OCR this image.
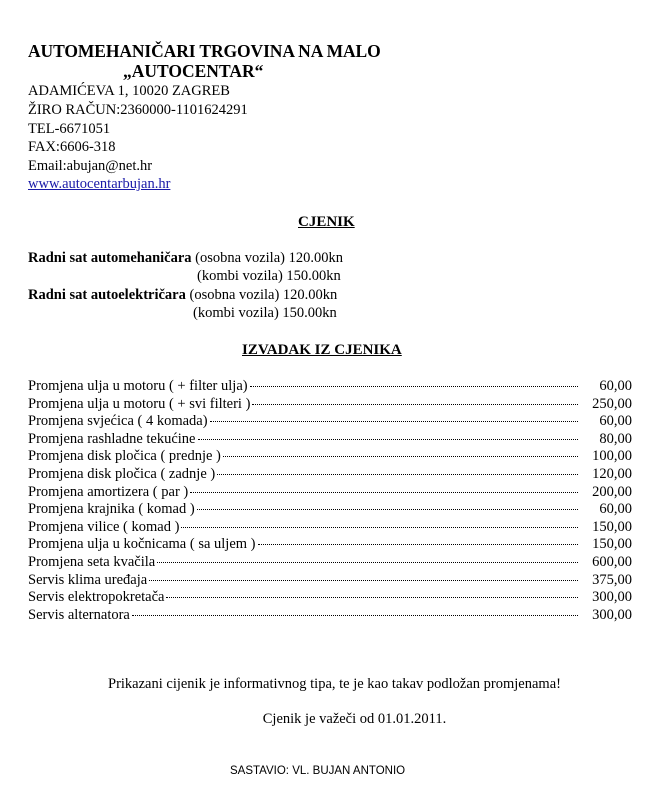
AUTOMEHANIČARI TRGOVINA NA MALO
„AUTOCENTAR“
ADAMIĆEVA 1, 10020 ZAGREB
ŽIRO RAČUN:2360000-1101624291
TEL-6671051
FAX:6606-318
Email:abujan@net.hr
www.autocentarbujan.hr
CJENIK
Radni sat automehaničara (osobna vozila) 120.00kn
(kombi vozila) 150.00kn
Radni sat autoelektričara (osobna vozila) 120.00kn
(kombi vozila) 150.00kn
IZVADAK IZ CJENIKA
Promjena ulja u motoru ( + filter ulja)	60,00
Promjena ulja u motoru ( + svi filteri )	250,00
Promjena svjećica ( 4 komada)	60,00
Promjena rashladne tekućine	80,00
Promjena disk pločica ( prednje )	100,00
Promjena disk pločica ( zadnje )	120,00
Promjena amortizera ( par )	200,00
Promjena krajnika ( komad )	60,00
Promjena vilice ( komad )	150,00
Promjena ulja u kočnicama ( sa uljem )	150,00
Promjena seta kvačila	600,00
Servis klima uređaja	375,00
Servis elektropokretača	300,00
Servis alternatora	300,00
Prikazani cijenik je informativnog tipa, te je kao takav podložan promjenama!
Cjenik je važeči od 01.01.2011.
SASTAVIO: VL. BUJAN ANTONIO
